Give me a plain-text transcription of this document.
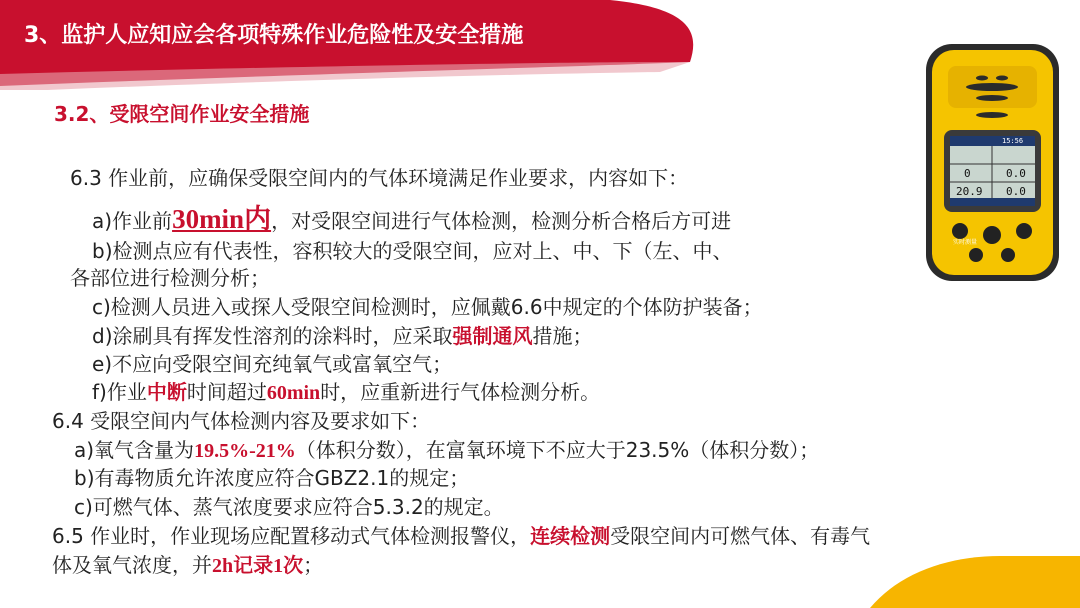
3、监护人应知应会各项特殊作业危险性及安全措施
3.2、受限空间作业安全措施
15:56
0	0.0
20.9 0.0
实时测量
6.3 作业前，应确保受限空间内的气体环境满足作业要求，内容如下：
a)作业前30min内，对受限空间进行气体检测，检测分析合格后方可进
b)检测点应有代表性，容积较大的受限空间，应对上、中、下（左、中、
各部位进行检测分析；
c)检测人员进入或探人受限空间检测时，应佩戴6.6中规定的个体防护装备；
d)涂刷具有挥发性溶剂的涂料时，应采取强制通风措施；
e)不应向受限空间充纯氧气或富氧空气；
f)作业中断时间超过60min时，应重新进行气体检测分析。
6.4 受限空间内气体检测内容及要求如下：
a)氧气含量为19.5%-21%（体积分数），在富氧环境下不应大于23.5%（体积分数）；
b)有毒物质允许浓度应符合GBZ2.1的规定；
c)可燃气体、蒸气浓度要求应符合5.3.2的规定。
6.5 作业时，作业现场应配置移动式气体检测报警仪，连续检测受限空间内可燃气体、有毒气
体及氧气浓度，并2h记录1次；
